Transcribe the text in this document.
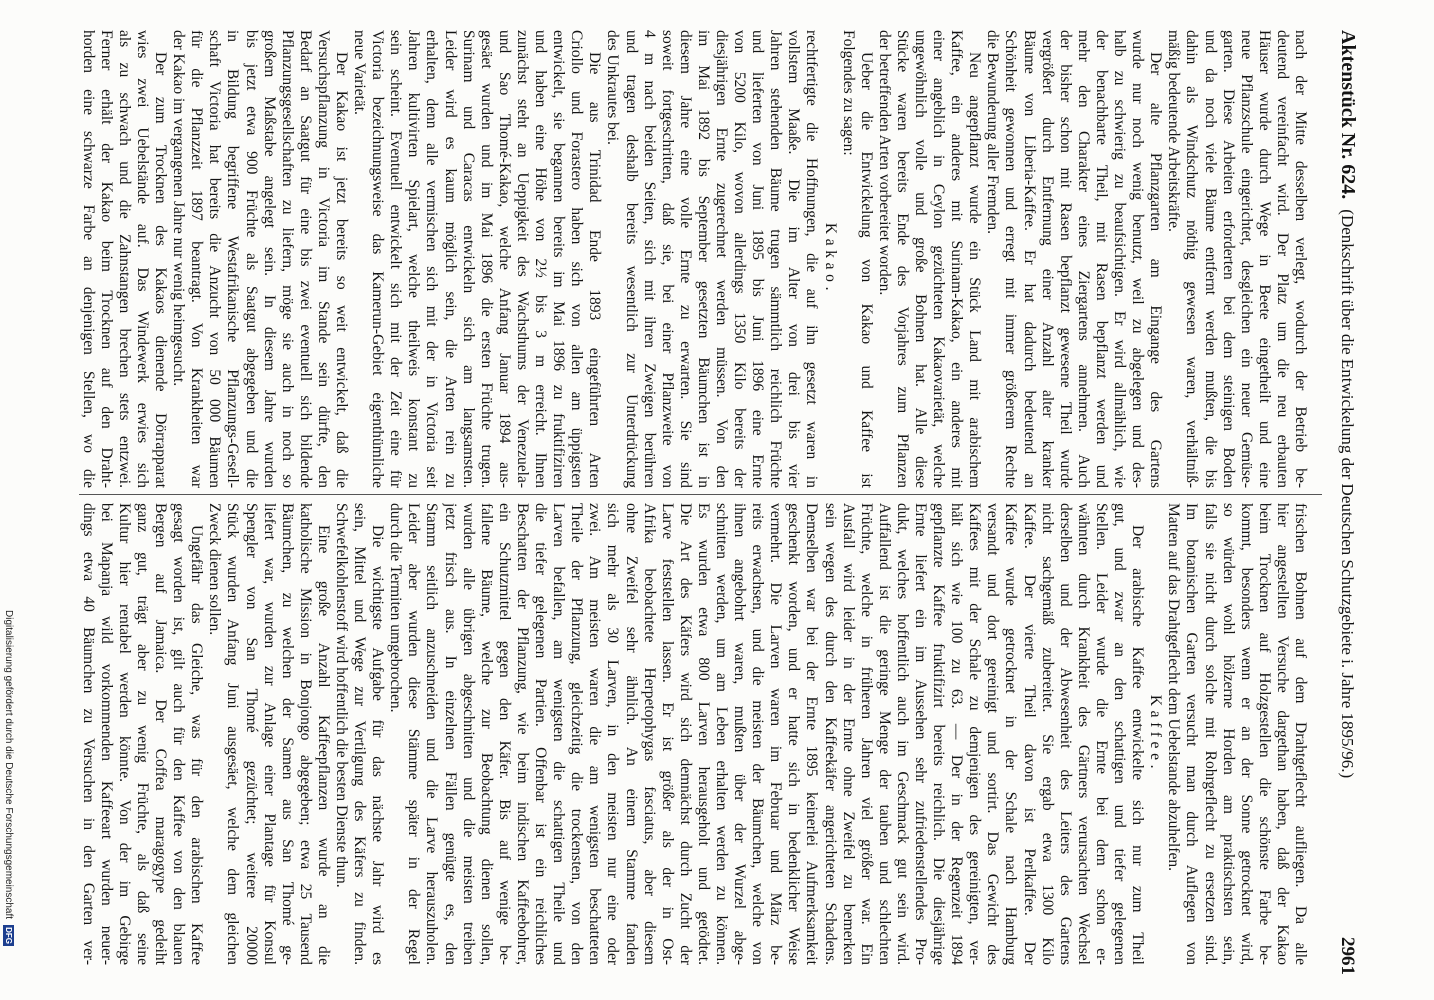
Aktenstück Nr. 624.
(Denkschrift über die Entwickelung der Deutschen Schutzgebiete i. Jahre 1895/96.)
2961
nach der Mitte desselben verlegt, wodurch der Betrieb be-
deutend vereinfacht wird. Der Platz um die neu erbauten
Häuser wurde durch Wege in Beete eingetheilt und eine
neue Pflanzschule eingerichtet, desgleichen ein neuer Gemüse-
garten. Diese Arbeiten erforderten bei dem steinigen Boden
und da noch viele Bäume entfernt werden mußten, die bis
dahin als Windschutz nöthig gewesen waren, verhältniß-
mäßig bedeutende Arbeitskräfte.
Der alte Pflanzgarten am Eingange des Gartens
wurde nur noch wenig benutzt, weil zu abgelegen und des-
halb zu schwierig zu beaufsichtigen. Er wird allmählich, wie
der benachbarte Theil, mit Rasen bepflanzt werden und
mehr den Charakter eines Ziergartens annehmen. Auch
der bisher schon mit Rasen bepflanzt gewesene Theil wurde
vergrößert durch Entfernung einer Anzahl alter kranker
Bäume von Liberia-Kaffee. Er hat dadurch bedeutend an
Schönheit gewonnen und erregt mit immer größerem Rechte
die Bewunderung aller Fremden.
Neu angepflanzt wurde ein Stück Land mit arabischem
Kaffee, ein anderes mit Surinam-Kakao, ein anderes mit
einer angeblich in Ceylon gezüchteten Kakaovarietät, welche
ungewöhnlich volle und große Bohnen hat. Alle diese
Stücke waren bereits Ende des Vorjahres zum Pflanzen
der betreffenden Arten vorbereitet worden.
Ueber die Entwickelung von Kakao und Kaffee ist
Folgendes zu sagen:
Kakao.
rechtfertigte die Hoffnungen, die auf ihn gesetzt waren in
vollstem Maaße. Die im Alter von drei bis vier
Jahren stehenden Bäume trugen sämmtlich reichlich Früchte
und lieferten von Juni 1895 bis Juni 1896 eine Ernte
von 5200 Kilo, wovon allerdings 1350 Kilo bereits der
diesjährigen Ernte zugerechnet werden müssen. Von den
im Mai 1892 bis September gesetzten Bäumchen ist in
diesem Jahre eine volle Ernte zu erwarten. Sie sind
soweit fortgeschritten, daß sie, bei einer Pflanzweite von
4 m nach beiden Seiten, sich mit ihren Zweigen berühren
und tragen deshalb bereits wesentlich zur Unterdrückung
des Unkrautes bei.
Die aus Trinidad Ende 1893 eingeführten Arten
Criollo und Forastero haben sich von allen am üppigsten
entwickelt, sie begannen bereits im Mai 1896 zu fruktifiziren
und haben eine Höhe von 2½ bis 3 m erreicht. Ihnen
zunächst steht an Ueppigkeit des Wachsthums der Venezuela-
und Sao Thomé-Kakao, welche Anfang Januar 1894 aus-
gesäet wurden und im Mai 1896 die ersten Früchte trugen.
Surinam und Caracas entwickeln sich am langsamsten.
Leider wird es kaum möglich sein, die Arten rein zu
erhalten, denn alle vermischen sich mit der in Victoria seit
Jahren kultivirten Spielart, welche theilweis konstant zu
sein scheint. Eventuell entwickelt sich mit der Zeit eine für
Victoria bezeichnungsweise das Kamerun-Gebiet eigenthümliche
neue Varietät.
Der Kakao ist jetzt bereits so weit entwickelt, daß die
Versuchspflanzung in Victoria im Stande sein dürfte, den
Bedarf an Saatgut für eine bis zwei eventuell sich bildende
Pflanzungsgesellschaften zu liefern, möge sie auch in noch so
großem Maßstabe angelegt sein. In diesem Jahre wurden
bis jetzt etwa 900 Früchte als Saatgut abgegeben und die
in Bildung begriffene Westafrikanische Pflanzungs-Gesell-
schaft Victoria hat bereits die Anzucht von 50 000 Bäumen
für die Pflanzzeit 1897 beantragt. Von Krankheiten war
der Kakao im vergangenen Jahre nur wenig heimgesucht.
Der zum Trocknen des Kakaos dienende Dörrapparat
wies zwei Uebelstände auf. Das Windewerk erwies sich
als zu schwach und die Zahnstangen brechen stets entzwei.
Ferner erhält der Kakao beim Trocknen auf den Draht-
horden eine schwarze Farbe an denjenigen Stellen, wo die
frischen Bohnen auf dem Drahtgeflecht aufliegen. Da alle
hier angestellten Versuche dargethan haben, daß der Kakao
beim Trocknen auf Holzgestellen die schönste Farbe be-
kommt, besonders wenn er an der Sonne getrocknet wird,
so würden wohl hölzerne Horden am praktischsten sein,
falls sie nicht durch solche mit Rohrgeflecht zu ersetzen sind.
Im botanischen Garten versucht man durch Auflegen von
Matten auf das Drahtgeflecht dem Uebelstande abzuhelfen.
Kaffee.
Der arabische Kaffee entwickelte sich nur zum Theil
gut, und zwar an den schattigen und tiefer gelegenen
Stellen. Leider wurde die Ernte bei dem schon er-
wähnten durch Krankheit des Gärtners verursachten Wechsel
derselben und der Abwesenheit des Leiters des Gartens
nicht sachgemäß zubereitet. Sie ergab etwa 1300 Kilo
Kaffee. Der vierte Theil davon ist Perlkaffee. Der
Kaffee wurde getrocknet in der Schale nach Hamburg
versandt und dort gereinigt und sortirt. Das Gewicht des
Kaffees mit der Schale zu demjenigen des gereinigten, ver-
hält sich wie 100 zu 63. — Der in der Regenzeit 1894
gepflanzte Kaffee fruktifizirt bereits reichlich. Die diesjährige
Ernte liefert ein im Aussehen sehr zufriedenstellendes Pro-
dukt, welches hoffentlich auch im Geschmack gut sein wird.
Auffallend ist die geringe Menge der tauben und schlechten
Früchte, welche in früheren Jahren viel größer war. Ein
Ausfall wird leider in der Ernte ohne Zweifel zu bemerken
sein wegen des durch den Kaffeekäfer angerichteten Schadens.
Demselben war bei der Ernte 1895 keinerlei Aufmerksamkeit
geschenkt worden, und er hatte sich in bedenklicher Weise
vermehrt. Die Larven waren im Februar und März be-
reits erwachsen, und die meisten der Bäumchen, welche von
ihnen angebohrt waren, mußten über der Wurzel abge-
schnitten werden, um am Leben erhalten werden zu können.
Es wurden etwa 800 Larven herausgeholt und getödtet.
Die Art des Käfers wird sich demnächst durch Zucht der
Larve feststellen lassen. Er ist größer als der in Ost-
Afrika beobachtete Herpetophygas fasciatus, aber diesem
ohne Zweifel sehr ähnlich. An einem Stamme fanden
sich mehr als 30 Larven, in den meisten nur eine oder
zwei. Am meisten waren die am wenigsten beschatteten
Theile der Pflanzung, gleichzeitig die trockensten, von den
Larven befallen, am wenigsten die schattigen Theile und
die tiefer gelegenen Partien. Offenbar ist ein reichliches
Beschatten der Pflanzung, wie beim indischen Kaffeebohrer,
ein Schutzmittel gegen den Käfer. Bis auf wenige be-
fallene Bäume, welche zur Beobachtung dienen sollen,
wurden alle übrigen abgeschnitten und die meisten treiben
jetzt frisch aus. In einzelnen Fällen genügte es, den
Stamm seitlich anzuschneiden und die Larve herauszuholen.
Leider aber wurden diese Stämme später in der Regel
durch die Termiten umgebrochen.
Die wichtigste Aufgabe für das nächste Jahr wird es
sein, Mittel und Wege zur Vertilgung des Käfers zu finden.
Schwefelkohlenstoff wird hoffentlich die besten Dienste thun.
Eine große Anzahl Kaffeepflanzen wurde an die
katholische Mission in Bonjongo abgegeben; etwa 25 Tausend
Bäumchen, zu welchen der Samen aus San Thomé ge-
liefert war, wurden zur Anlage einer Plantage für Konsul
Spengler von San Thomé gezüchtet; weitere 20000
Stück wurden Anfang Juni ausgesäet, welche dem gleichen
Zweck dienen sollen.
Ungefähr das Gleiche, was für den arabischen Kaffee
gesagt worden ist, gilt auch für den Kaffee von den blauen
Bergen auf Jamaica. Der Coffea maragogype gedeiht
ganz gut, trägt aber zu wenig Früchte, als daß seine
Kultur hier rentabel werden könnte. Von der im Gebirge
bei Mapanja wild vorkommenden Kaffeeart wurden neuer-
dings etwa 40 Bäumchen zu Versuchen in den Garten ver-
Digitalisierung gefördert durch die Deutsche Forschungsgemeinschaft
DFG
